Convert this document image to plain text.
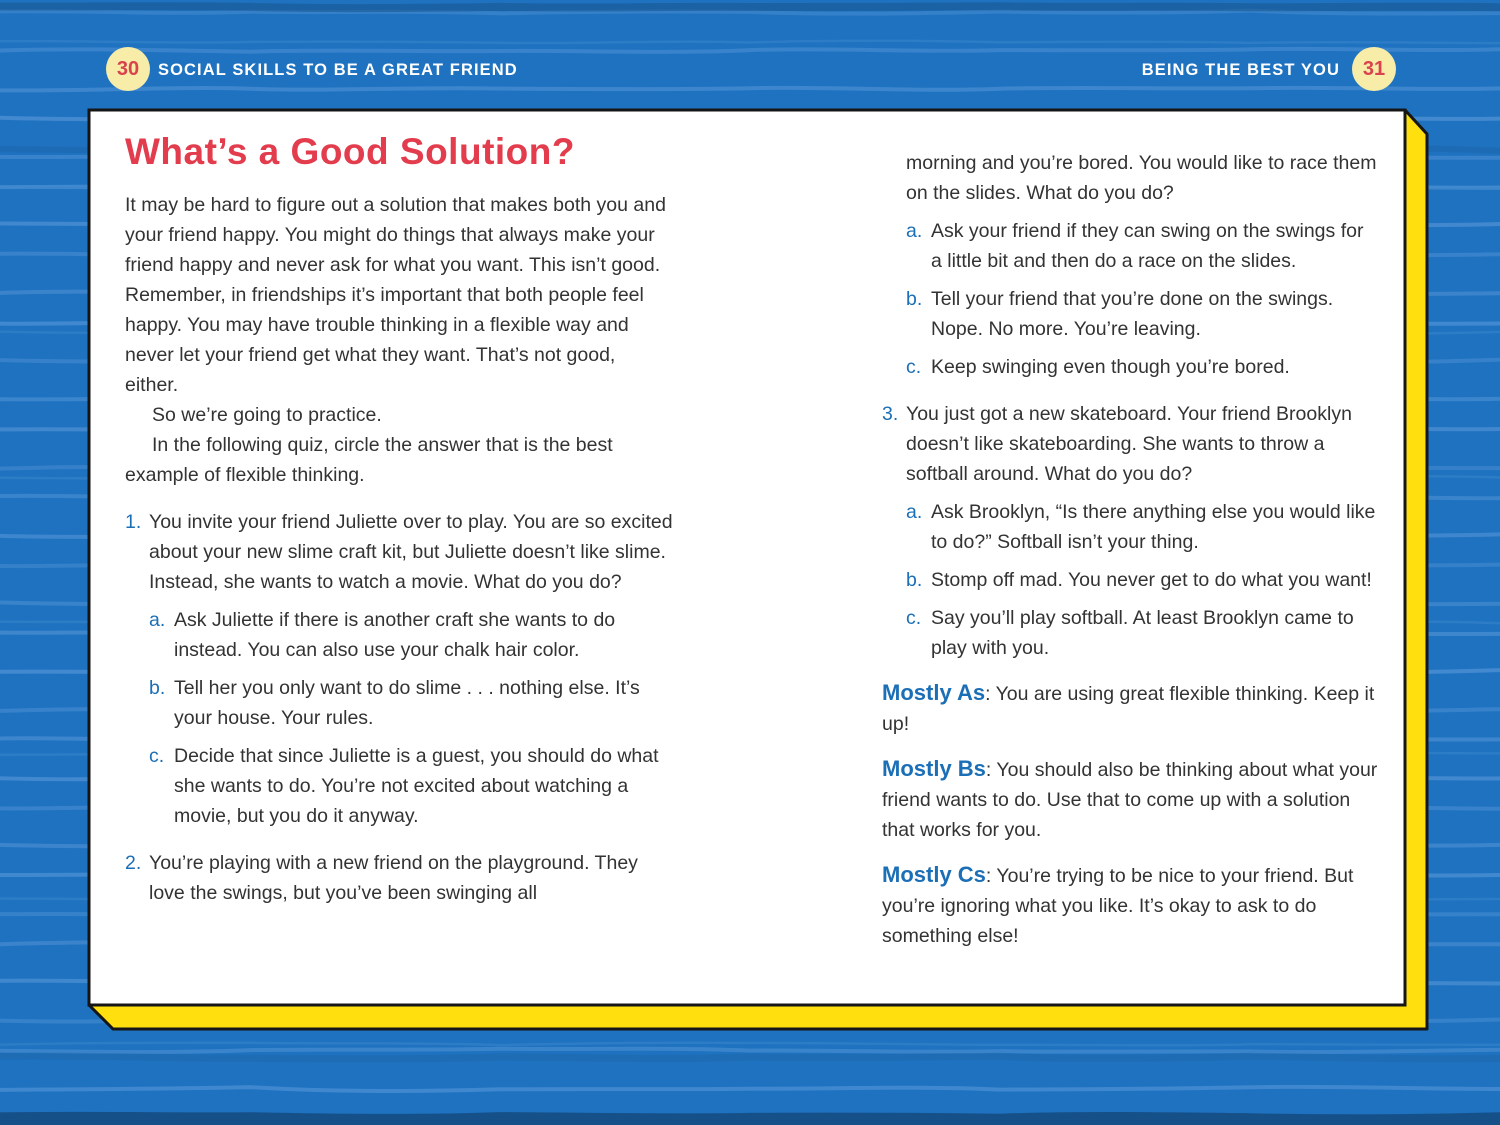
30 SOCIAL SKILLS TO BE A GREAT FRIEND	BEING THE BEST YOU 31
What’s a Good Solution?

It may be hard to figure out a solution that makes both you and your friend happy. You might do things that always make your friend happy and never ask for what you want. This isn’t good. Remember, in friendships it’s important that both people feel happy. You may have trouble thinking in a flexible way and never let your friend get what they want. That’s not good, either.

So we’re going to practice.

In the following quiz, circle the answer that is the best example of flexible thinking.

1. You invite your friend Juliette over to play. You are so excited about your new slime craft kit, but Juliette doesn’t like slime. Instead, she wants to watch a movie. What do you do?

a. Ask Juliette if there is another craft she wants to do instead. You can also use your chalk hair color.

b. Tell her you only want to do slime . . . nothing else. It’s your house. Your rules.

c. Decide that since Juliette is a guest, you should do what she wants to do. You’re not excited about watching a movie, but you do it anyway.

2. You’re playing with a new friend on the playground. They love the swings, but you’ve been swinging all

morning and you’re bored. You would like to race them on the slides. What do you do?

a. Ask your friend if they can swing on the swings for a little bit and then do a race on the slides.

b. Tell your friend that you’re done on the swings. Nope. No more. You’re leaving.

c. Keep swinging even though you’re bored.

3. You just got a new skateboard. Your friend Brooklyn doesn’t like skateboarding. She wants to throw a softball around. What do you do?

a. Ask Brooklyn, “Is there anything else you would like to do?” Softball isn’t your thing.

b. Stomp off mad. You never get to do what you want!

c. Say you’ll play softball. At least Brooklyn came to play with you.

Mostly As: You are using great flexible thinking. Keep it up!

Mostly Bs: You should also be thinking about what your friend wants to do. Use that to come up with a solution that works for you.

Mostly Cs: You’re trying to be nice to your friend. But you’re ignoring what you like. It’s okay to ask to do something else!
